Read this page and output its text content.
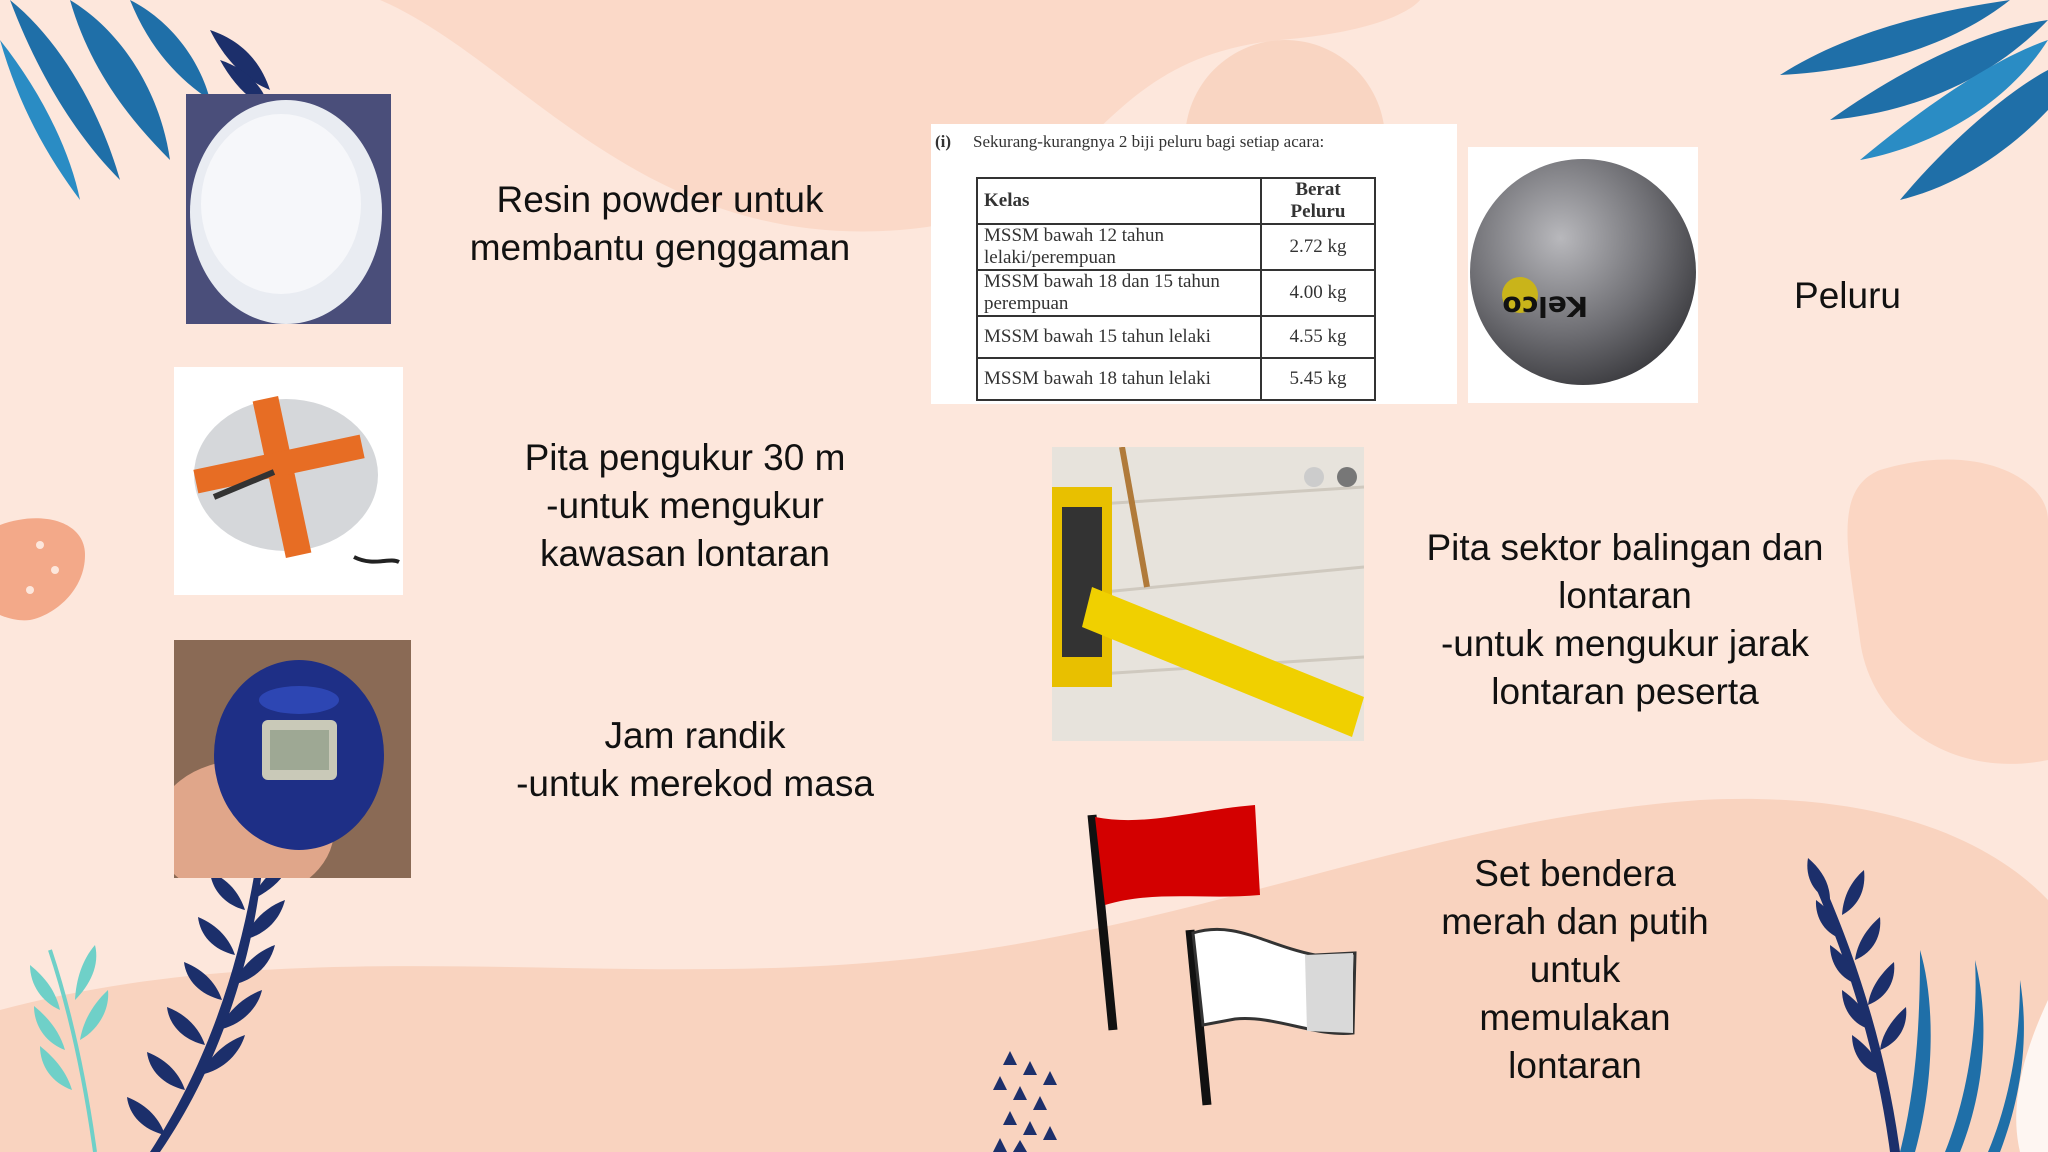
Resin powder untuk
membantu genggaman
Pita pengukur 30 m
-untuk mengukur
kawasan lontaran
Jam randik
-untuk merekod masa
(i) Sekurang-kurangnya 2 biji peluru bagi setiap acara:
Kelas	Berat Peluru
MSSM bawah 12 tahun lelaki/perempuan	2.72 kg
MSSM bawah 18 dan 15 tahun perempuan	4.00 kg
MSSM bawah 15 tahun lelaki	4.55 kg
MSSM bawah 18 tahun lelaki	5.45 kg
Kelco	Peluru
Pita sektor balingan dan
lontaran
-untuk mengukur jarak
lontaran peserta
Set bendera
merah dan putih
untuk
memulakan
lontaran
